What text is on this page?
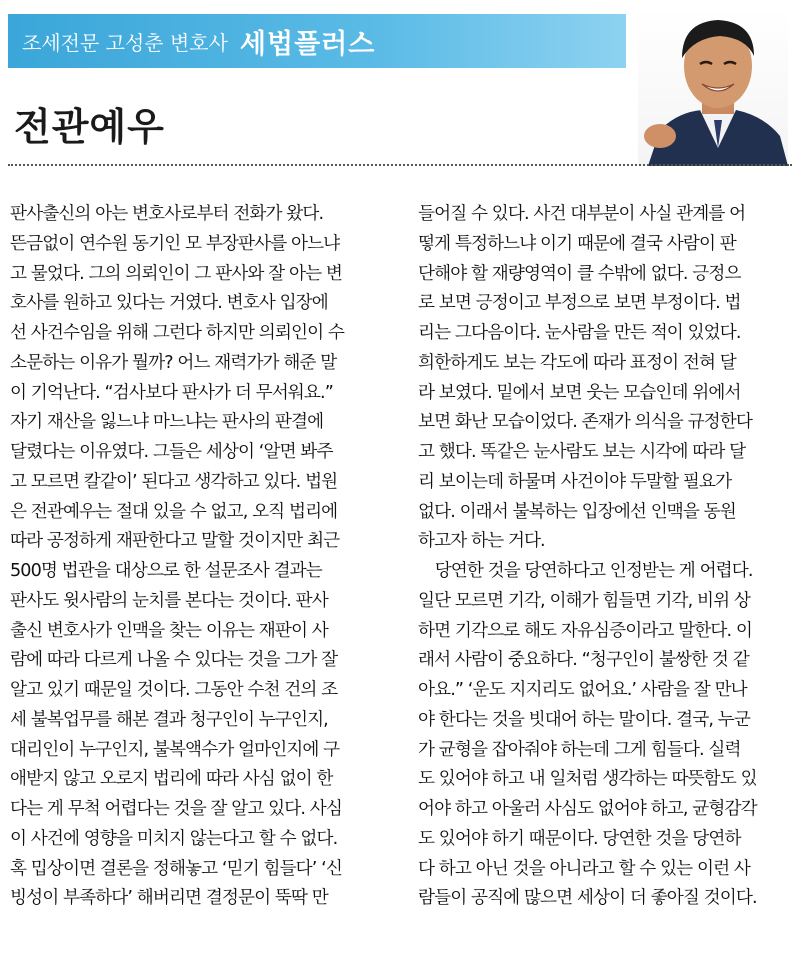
조세전문 고성춘 변호사 세법플러스
전관예우
판사출신의 아는 변호사로부터 전화가 왔다.
뜬금없이 연수원 동기인 모 부장판사를 아느냐
고 물었다. 그의 의뢰인이 그 판사와 잘 아는 변
호사를 원하고 있다는 거였다. 변호사 입장에
선 사건수임을 위해 그런다 하지만 의뢰인이 수
소문하는 이유가 뭘까? 어느 재력가가 해준 말
이 기억난다. “검사보다 판사가 더 무서워요.”
자기 재산을 잃느냐 마느냐는 판사의 판결에
달렸다는 이유였다. 그들은 세상이 ‘알면 봐주
고 모르면 칼같이’ 된다고 생각하고 있다. 법원
은 전관예우는 절대 있을 수 없고, 오직 법리에
따라 공정하게 재판한다고 말할 것이지만 최근
500명 법관을 대상으로 한 설문조사 결과는
판사도 윗사람의 눈치를 본다는 것이다. 판사
출신 변호사가 인맥을 찾는 이유는 재판이 사
람에 따라 다르게 나올 수 있다는 것을 그가 잘
알고 있기 때문일 것이다. 그동안 수천 건의 조
세 불복업무를 해본 결과 청구인이 누구인지,
대리인이 누구인지, 불복액수가 얼마인지에 구
애받지 않고 오로지 법리에 따라 사심 없이 한
다는 게 무척 어렵다는 것을 잘 알고 있다. 사심
이 사건에 영향을 미치지 않는다고 할 수 없다.
혹 밉상이면 결론을 정해놓고 ‘믿기 힘들다’ ‘신
빙성이 부족하다’ 해버리면 결정문이 뚝딱 만
들어질 수 있다. 사건 대부분이 사실 관계를 어
떻게 특정하느냐 이기 때문에 결국 사람이 판
단해야 할 재량영역이 클 수밖에 없다. 긍정으
로 보면 긍정이고 부정으로 보면 부정이다. 법
리는 그다음이다. 눈사람을 만든 적이 있었다.
희한하게도 보는 각도에 따라 표정이 전혀 달
라 보였다. 밑에서 보면 웃는 모습인데 위에서
보면 화난 모습이었다. 존재가 의식을 규정한다
고 했다. 똑같은 눈사람도 보는 시각에 따라 달
리 보이는데 하물며 사건이야 두말할 필요가
없다. 이래서 불복하는 입장에선 인맥을 동원
하고자 하는 거다.
　당연한 것을 당연하다고 인정받는 게 어렵다.
일단 모르면 기각, 이해가 힘들면 기각, 비위 상
하면 기각으로 해도 자유심증이라고 말한다. 이
래서 사람이 중요하다. “청구인이 불쌍한 것 같
아요.” ‘운도 지지리도 없어요.’ 사람을 잘 만나
야 한다는 것을 빗대어 하는 말이다. 결국, 누군
가 균형을 잡아줘야 하는데 그게 힘들다. 실력
도 있어야 하고 내 일처럼 생각하는 따뜻함도 있
어야 하고 아울러 사심도 없어야 하고, 균형감각
도 있어야 하기 때문이다. 당연한 것을 당연하
다 하고 아닌 것을 아니라고 할 수 있는 이런 사
람들이 공직에 많으면 세상이 더 좋아질 것이다.
